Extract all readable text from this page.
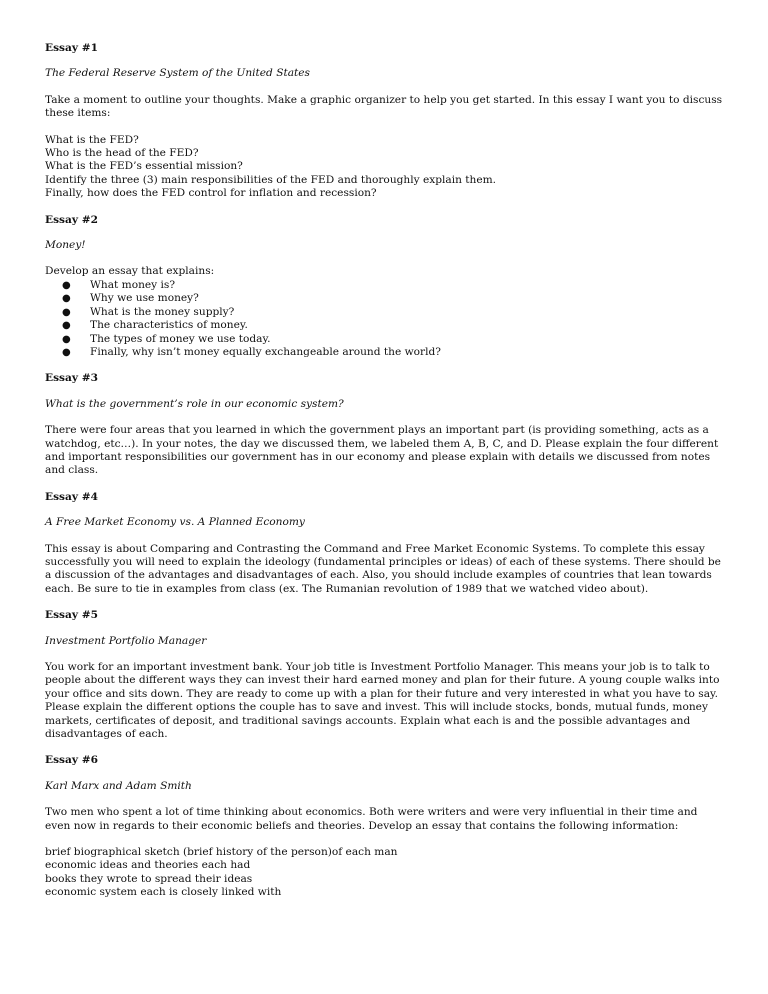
Essay #1
The Federal Reserve System of the United States
Take a moment to outline your thoughts. Make a graphic organizer to help you get started. In this essay I want you to discuss these items:
What is the FED?
Who is the head of the FED?
What is the FED’s essential mission?
Identify the three (3) main responsibilities of the FED and thoroughly explain them.
Finally, how does the FED control for inflation and recession?
Essay #2
Money!
Develop an essay that explains:
● What money is?
● Why we use money?
● What is the money supply?
● The characteristics of money.
● The types of money we use today.
● Finally, why isn’t money equally exchangeable around the world?
Essay #3
What is the government’s role in our economic system?
There were four areas that you learned in which the government plays an important part (is providing something, acts as a watchdog, etc…). In your notes, the day we discussed them, we labeled them A, B, C, and D. Please explain the four different and important responsibilities our government has in our economy and please explain with details we discussed from notes and class.
Essay #4
A Free Market Economy vs. A Planned Economy
This essay is about Comparing and Contrasting the Command and Free Market Economic Systems. To complete this essay successfully you will need to explain the ideology (fundamental principles or ideas) of each of these systems. There should be a discussion of the advantages and disadvantages of each. Also, you should include examples of countries that lean towards each. Be sure to tie in examples from class (ex. The Rumanian revolution of 1989 that we watched video about).
Essay #5
Investment Portfolio Manager
You work for an important investment bank. Your job title is Investment Portfolio Manager. This means your job is to talk to people about the different ways they can invest their hard earned money and plan for their future. A young couple walks into your office and sits down. They are ready to come up with a plan for their future and very interested in what you have to say. Please explain the different options the couple has to save and invest. This will include stocks, bonds, mutual funds, money markets, certificates of deposit, and traditional savings accounts. Explain what each is and the possible advantages and disadvantages of each.
Essay #6
Karl Marx and Adam Smith
Two men who spent a lot of time thinking about economics. Both were writers and were very influential in their time and even now in regards to their economic beliefs and theories. Develop an essay that contains the following information:
brief biographical sketch (brief history of the person)of each man
economic ideas and theories each had
books they wrote to spread their ideas
economic system each is closely linked with
